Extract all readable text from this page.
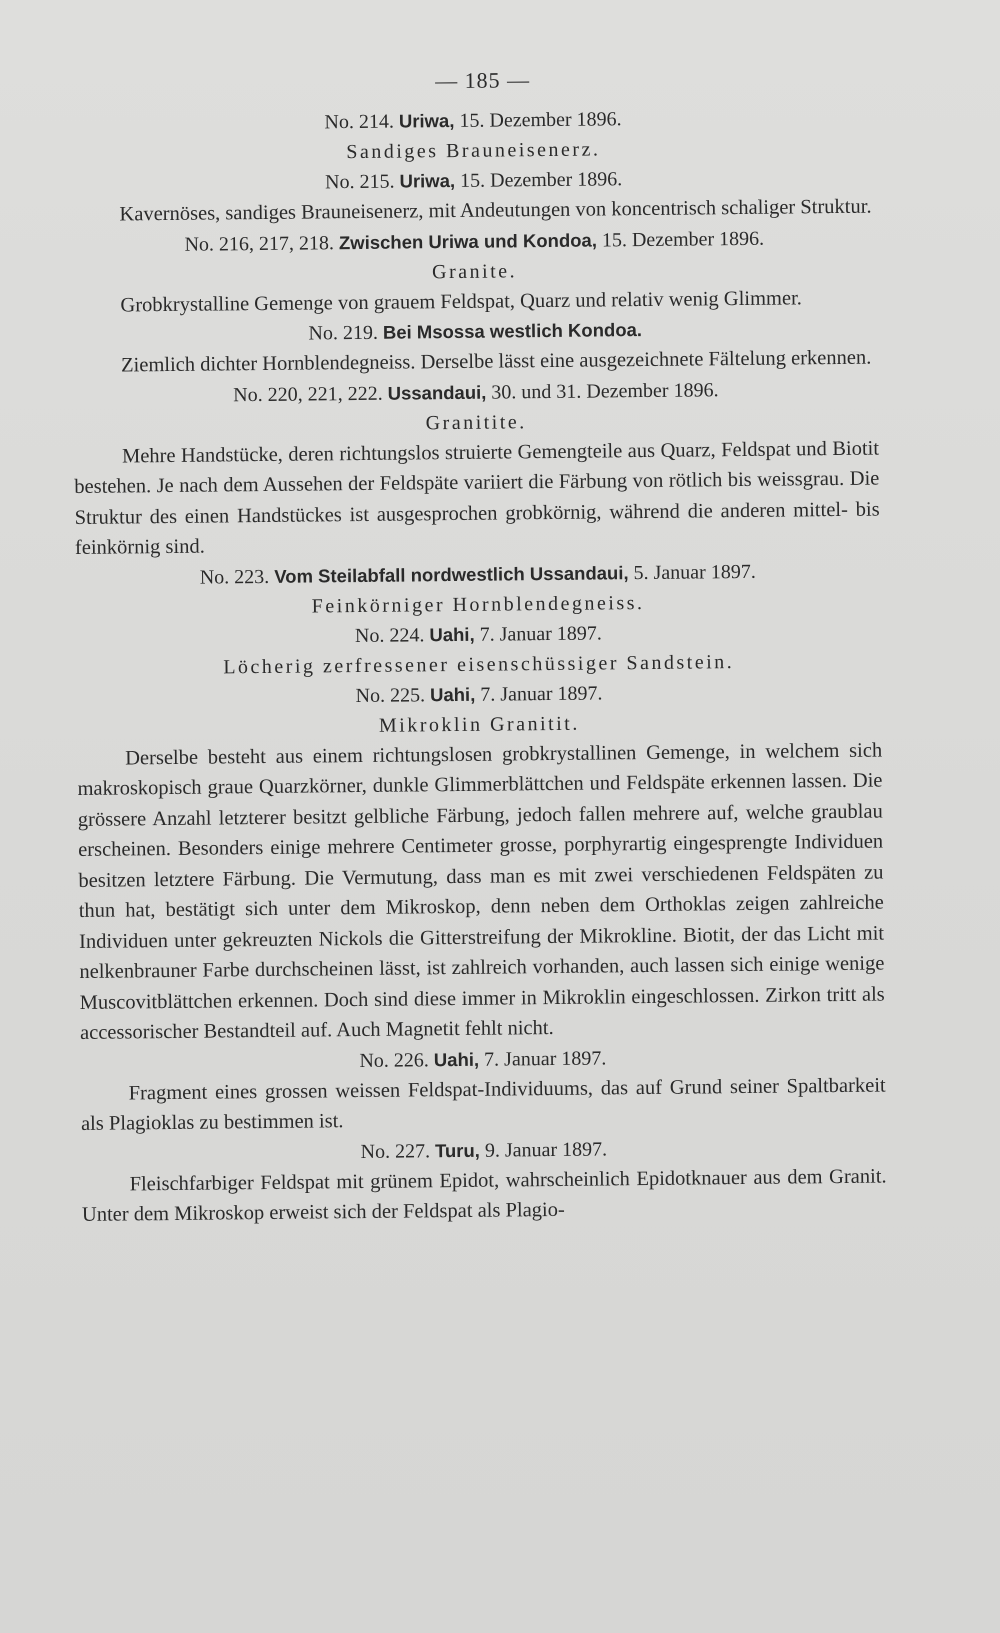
— 185 —
No. 214. Uriwa, 15. Dezember 1896.
Sandiges Brauneisenerz.
No. 215. Uriwa, 15. Dezember 1896.

Kavernöses, sandiges Brauneisenerz, mit Andeutungen von koncentrisch schaliger Struktur.

No. 216, 217, 218. Zwischen Uriwa und Kondoa, 15. Dezember 1896.
Granite.

Grobkrystalline Gemenge von grauem Feldspat, Quarz und relativ wenig Glimmer.

No. 219. Bei Msossa westlich Kondoa.

Ziemlich dichter Hornblendegneiss. Derselbe lässt eine ausgezeichnete Fältelung erkennen.

No. 220, 221, 222. Ussandaui, 30. und 31. Dezember 1896.
Granitite.

Mehre Handstücke, deren richtungslos struierte Gemengteile aus Quarz, Feldspat und Biotit bestehen. Je nach dem Aussehen der Feldspäte variiert die Färbung von rötlich bis weissgrau. Die Struktur des einen Handstückes ist ausgesprochen grobkörnig, während die anderen mittel- bis feinkörnig sind.

No. 223. Vom Steilabfall nordwestlich Ussandaui, 5. Januar 1897.
Feinkörniger Hornblendegneiss.
No. 224. Uahi, 7. Januar 1897.
Löcherig zerfressener eisenschüssiger Sandstein.
No. 225. Uahi, 7. Januar 1897.
Mikroklin Granitit.

Derselbe besteht aus einem richtungslosen grobkrystallinen Gemenge, in welchem sich makroskopisch graue Quarzkörner, dunkle Glimmerblättchen und Feldspäte erkennen lassen. Die grössere Anzahl letzterer besitzt gelbliche Färbung, jedoch fallen mehrere auf, welche graublau erscheinen. Besonders einige mehrere Centimeter grosse, porphyrartig eingesprengte Individuen besitzen letztere Färbung. Die Vermutung, dass man es mit zwei verschiedenen Feldspäten zu thun hat, bestätigt sich unter dem Mikroskop, denn neben dem Orthoklas zeigen zahlreiche Individuen unter gekreuzten Nickols die Gitterstreifung der Mikrokline. Biotit, der das Licht mit nelkenbrauner Farbe durchscheinen lässt, ist zahlreich vorhanden, auch lassen sich einige wenige Muscovitblättchen erkennen. Doch sind diese immer in Mikroklin eingeschlossen. Zirkon tritt als accessorischer Bestandteil auf. Auch Magnetit fehlt nicht.

No. 226. Uahi, 7. Januar 1897.

Fragment eines grossen weissen Feldspat-Individuums, das auf Grund seiner Spaltbarkeit als Plagioklas zu bestimmen ist.

No. 227. Turu, 9. Januar 1897.

Fleischfarbiger Feldspat mit grünem Epidot, wahrscheinlich Epidotknauer aus dem Granit. Unter dem Mikroskop erweist sich der Feldspat als Plagio-
